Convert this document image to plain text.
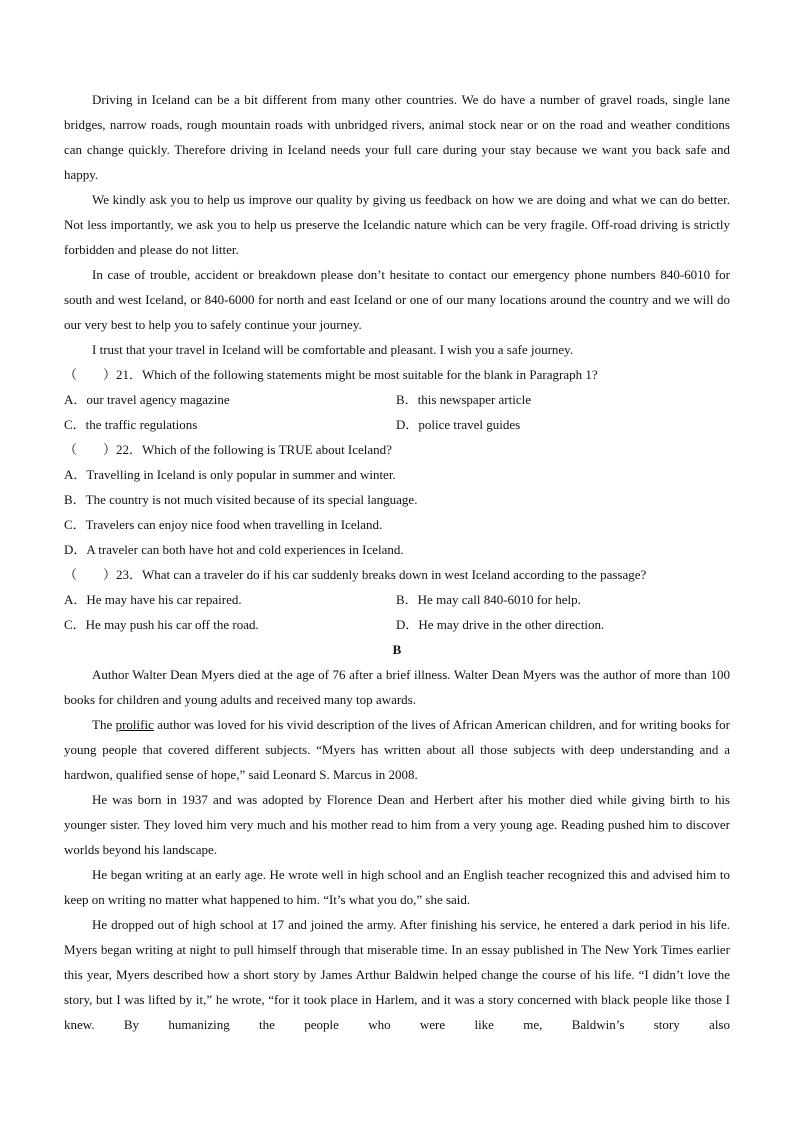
Driving in Iceland can be a bit different from many other countries. We do have a number of gravel roads, single lane bridges, narrow roads, rough mountain roads with unbridged rivers, animal stock near or on the road and weather conditions can change quickly. Therefore driving in Iceland needs your full care during your stay because we want you back safe and happy.

We kindly ask you to help us improve our quality by giving us feedback on how we are doing and what we can do better. Not less importantly, we ask you to help us preserve the Icelandic nature which can be very fragile. Off-road driving is strictly forbidden and please do not litter.

In case of trouble, accident or breakdown please don’t hesitate to contact our emergency phone numbers 840-6010 for south and west Iceland, or 840-6000 for north and east Iceland or one of our many locations around the country and we will do our very best to help you to safely continue your journey.

I trust that your travel in Iceland will be comfortable and pleasant. I wish you a safe journey.

（　　）21．Which of the following statements might be most suitable for the blank in Paragraph 1?

A．our travel agency magazine	B．this newspaper article
C．the traffic regulations	D．police travel guides

（　　）22．Which of the following is TRUE about Iceland?

A．Travelling in Iceland is only popular in summer and winter.

B．The country is not much visited because of its special language.

C．Travelers can enjoy nice food when travelling in Iceland.

D．A traveler can both have hot and cold experiences in Iceland.

（　　）23．What can a traveler do if his car suddenly breaks down in west Iceland according to the passage?

A．He may have his car repaired.	B．He may call 840-6010 for help.
C．He may push his car off the road.	D．He may drive in the other direction.

B

Author Walter Dean Myers died at the age of 76 after a brief illness. Walter Dean Myers was the author of more than 100 books for children and young adults and received many top awards.

The prolific author was loved for his vivid description of the lives of African American children, and for writing books for young people that covered different subjects. “Myers has written about all those subjects with deep understanding and a hardwon, qualified sense of hope,” said Leonard S. Marcus in 2008.

He was born in 1937 and was adopted by Florence Dean and Herbert after his mother died while giving birth to his younger sister. They loved him very much and his mother read to him from a very young age. Reading pushed him to discover worlds beyond his landscape.

He began writing at an early age. He wrote well in high school and an English teacher recognized this and advised him to keep on writing no matter what happened to him. “It’s what you do,” she said.

He dropped out of high school at 17 and joined the army. After finishing his service, he entered a dark period in his life. Myers began writing at night to pull himself through that miserable time. In an essay published in The New York Times earlier this year, Myers described how a short story by James Arthur Baldwin helped change the course of his life. “I didn’t love the story, but I was lifted by it,” he wrote, “for it took place in Harlem, and it was a story concerned with black people like those I knew. By humanizing the people who were like me, Baldwin’s story also
